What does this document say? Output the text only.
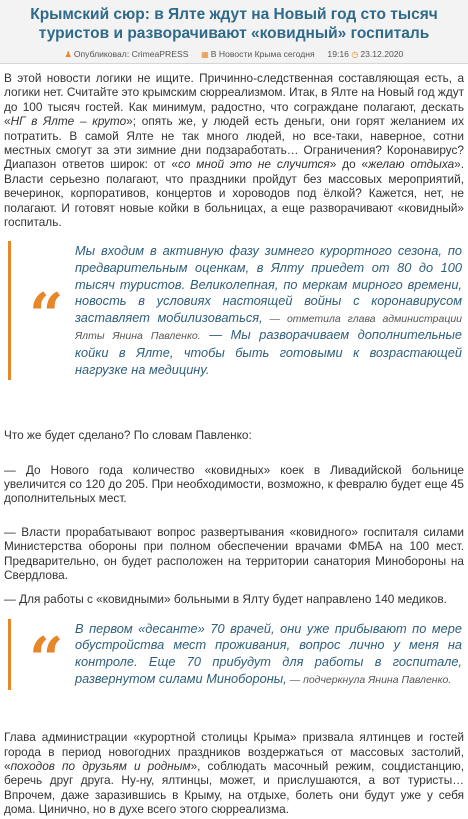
Крымский сюр: в Ялте ждут на Новый год сто тысяч туристов и разворачивают «ковидный» госпиталь
♟ Опубликовал: CrimeaPRESS ▦ В Новости Крыма сегодня 19:16 ◷ 23.12.2020

В этой новости логики не ищите. Причинно-следственная составляющая есть, а логики нет. Считайте это крымским сюрреализмом. Итак, в Ялте на Новый год ждут до 100 тысяч гостей. Как минимум, радостно, что сограждане полагают, дескать «НГ в Ялте – круто»; опять же, у людей есть деньги, они горят желанием их потратить. В самой Ялте не так много людей, но все-таки, наверное, сотни местных смогут за эти зимние дни подзаработать… Ограничения? Коронавирус? Диапазон ответов широк: от «со мной это не случится» до «желаю отдыха». Власти серьезно полагают, что праздники пройдут без массовых мероприятий, вечеринок, корпоративов, концертов и хороводов под ёлкой? Кажется, нет, не полагают. И готовят новые койки в больницах, а еще разворачивают «ковидный» госпиталь.

“
Мы входим в активную фазу зимнего курортного сезона, по предварительным оценкам, в Ялту приедет от 80 до 100 тысяч туристов. Великолепная, по меркам мирного времени, новость в условиях настоящей войны с коронавирусом заставляет мобилизоваться, — отметила глава администрации Ялты Янина Павленко. — Мы разворачиваем дополнительные койки в Ялте, чтобы быть готовыми к возрастающей нагрузке на медицину.

Что же будет сделано? По словам Павленко:

— До Нового года количество «ковидных» коек в Ливадийской больнице увеличится со 120 до 205. При необходимости, возможно, к февралю будет еще 45 дополнительных мест.

— Власти прорабатывают вопрос развертывания «ковидного» госпиталя силами Министерства обороны при полном обеспечении врачами ФМБА на 100 мест. Предварительно, он будет расположен на территории санатория Минобороны на Свердлова.

— Для работы с «ковидными» больными в Ялту будет направлено 140 медиков.

“ В первом «десанте» 70 врачей, они уже прибывают по мере обустройства мест проживания, вопрос лично у меня на контроле. Еще 70 прибудут для работы в госпитале, развернутом силами Минобороны, — подчеркнула Янина Павленко.

Глава администрации «курортной столицы Крыма» призвала ялтинцев и гостей города в период новогодних праздников воздержаться от массовых застолий, «походов по друзьям и родным», соблюдать масочный режим, соцдистанцию, беречь друг друга. Ну-ну, ялтинцы, может, и прислушаются, а вот туристы… Впрочем, даже заразившись в Крыму, на отдыхе, болеть они будут уже у себя дома. Цинично, но в духе всего этого сюрреализма.
